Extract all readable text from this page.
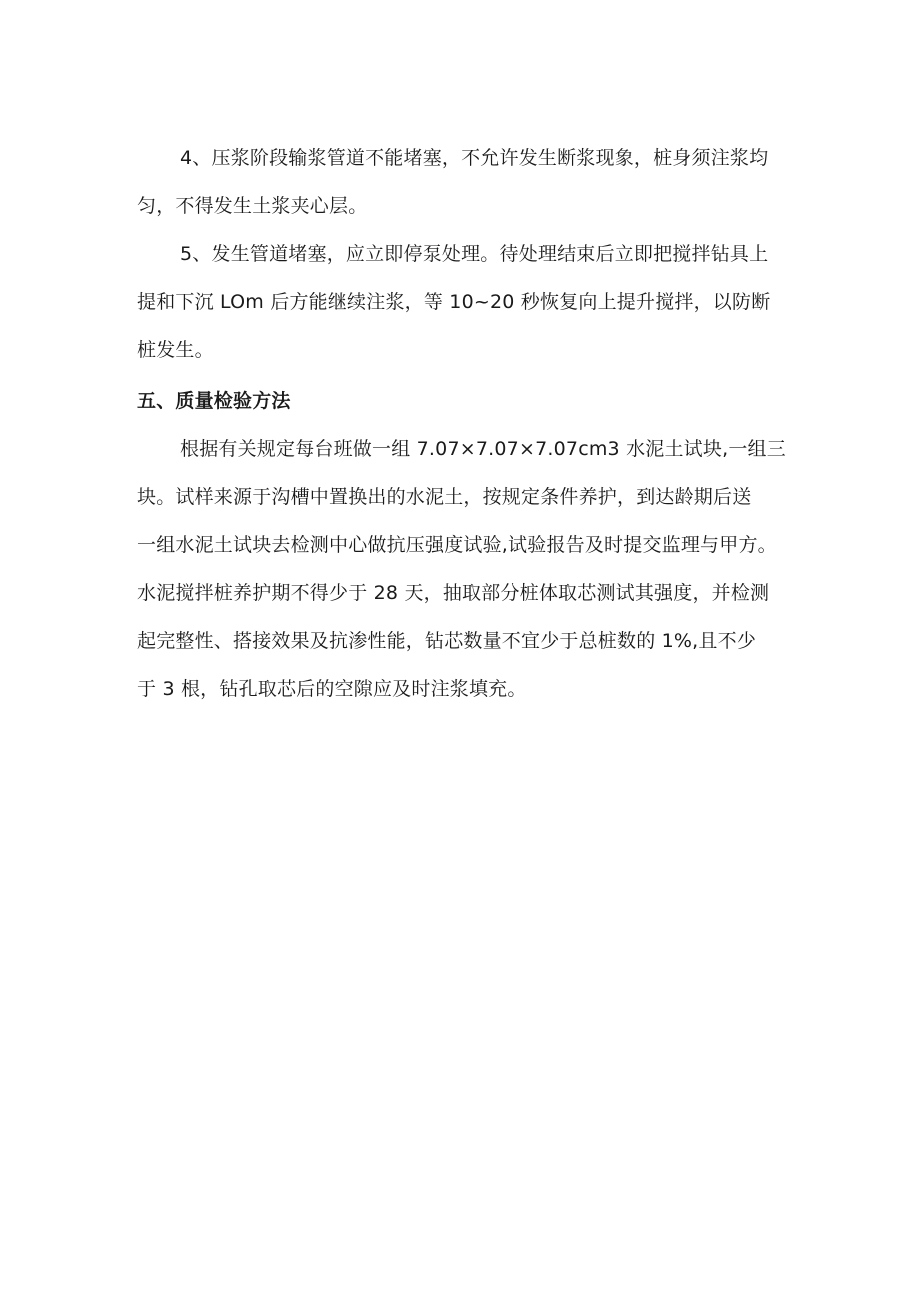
4、压浆阶段输浆管道不能堵塞，不允许发生断浆现象，桩身须注浆均
匀，不得发生土浆夹心层。
5、发生管道堵塞，应立即停泵处理。待处理结束后立即把搅拌钻具上
提和下沉 LOm 后方能继续注浆，等 10~20 秒恢复向上提升搅拌，以防断
桩发生。
五、质量检验方法
根据有关规定每台班做一组 7.07×7.07×7.07cm3 水泥土试块,一组三
块。试样来源于沟槽中置换出的水泥土，按规定条件养护，到达龄期后送
一组水泥土试块去检测中心做抗压强度试验,试验报告及时提交监理与甲方。
水泥搅拌桩养护期不得少于 28 天，抽取部分桩体取芯测试其强度，并检测
起完整性、搭接效果及抗渗性能，钻芯数量不宜少于总桩数的 1%,且不少
于 3 根，钻孔取芯后的空隙应及时注浆填充。
